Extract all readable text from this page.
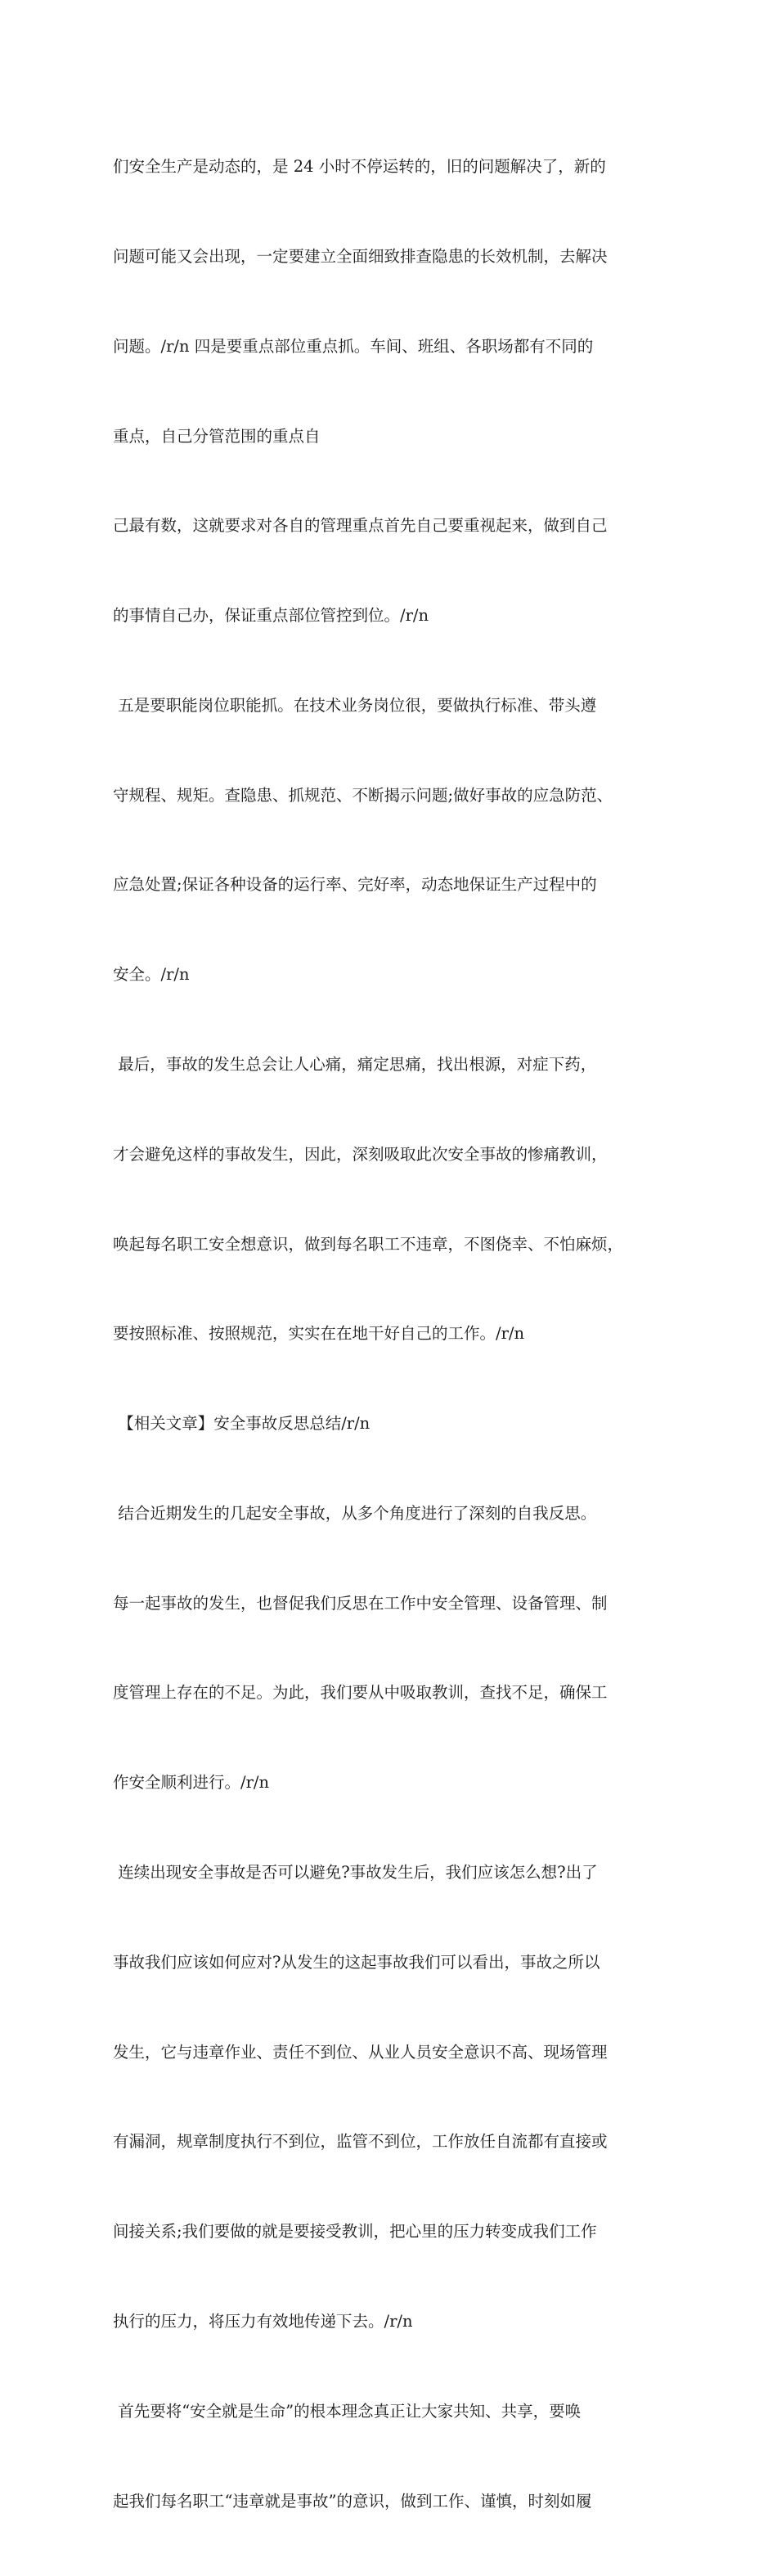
们安全生产是动态的，是 24 小时不停运转的，旧的问题解决了，新的

问题可能又会出现，一定要建立全面细致排查隐患的长效机制，去解决

问题。/r/n 四是要重点部位重点抓。车间、班组、各职场都有不同的

重点，自己分管范围的重点自

己最有数，这就要求对各自的管理重点首先自己要重视起来，做到自己

的事情自己办，保证重点部位管控到位。/r/n

五是要职能岗位职能抓。在技术业务岗位很，要做执行标准、带头遵

守规程、规矩。查隐患、抓规范、不断揭示问题;做好事故的应急防范、

应急处置;保证各种设备的运行率、完好率，动态地保证生产过程中的

安全。/r/n

最后，事故的发生总会让人心痛，痛定思痛，找出根源，对症下药，

才会避免这样的事故发生，因此，深刻吸取此次安全事故的惨痛教训，

唤起每名职工安全想意识，做到每名职工不违章，不图侥幸、不怕麻烦，

要按照标准、按照规范，实实在在地干好自己的工作。/r/n

【相关文章】安全事故反思总结/r/n

结合近期发生的几起安全事故，从多个角度进行了深刻的自我反思。

每一起事故的发生，也督促我们反思在工作中安全管理、设备管理、制

度管理上存在的不足。为此，我们要从中吸取教训，查找不足，确保工

作安全顺利进行。/r/n

连续出现安全事故是否可以避免?事故发生后，我们应该怎么想?出了

事故我们应该如何应对?从发生的这起事故我们可以看出，事故之所以

发生，它与违章作业、责任不到位、从业人员安全意识不高、现场管理

有漏洞，规章制度执行不到位，监管不到位，工作放任自流都有直接或

间接关系;我们要做的就是要接受教训，把心里的压力转变成我们工作

执行的压力，将压力有效地传递下去。/r/n

首先要将“安全就是生命”的根本理念真正让大家共知、共享，要唤

起我们每名职工“违章就是事故”的意识，做到工作、谨慎，时刻如履
